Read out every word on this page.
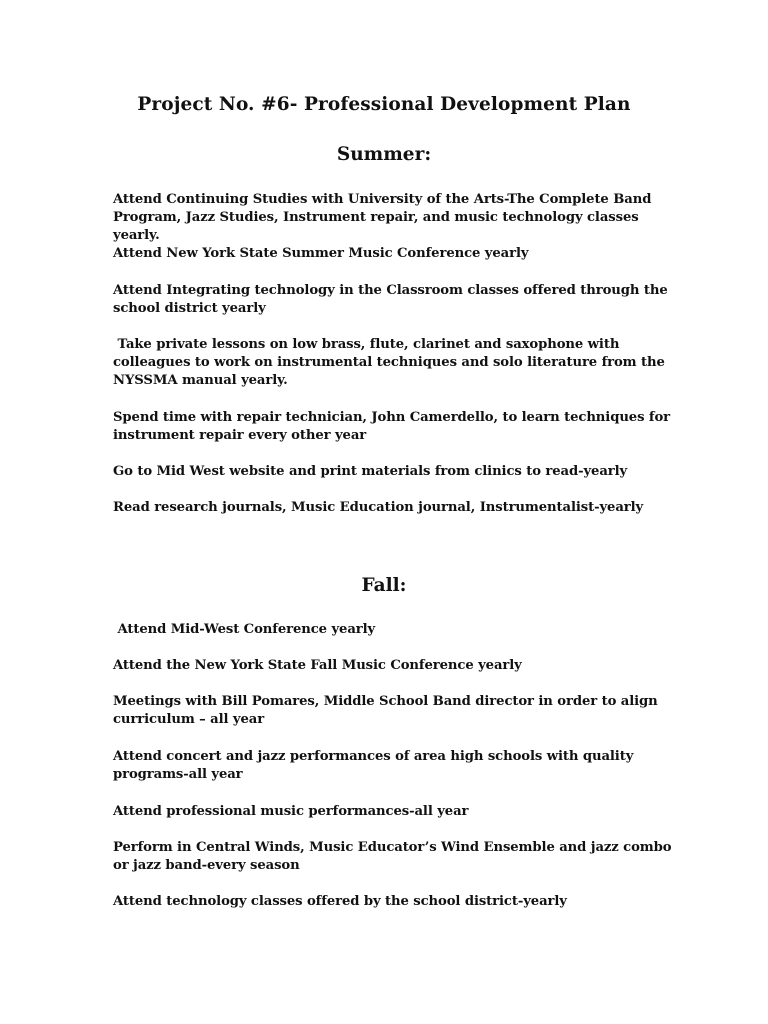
Project No. #6- Professional Development Plan
Summer:

Attend Continuing Studies with University of the Arts-The Complete Band Program, Jazz Studies, Instrument repair, and music technology classes yearly.

Attend New York State Summer Music Conference yearly

Attend Integrating technology in the Classroom classes offered through the school district yearly

Take private lessons on low brass, flute, clarinet and saxophone with colleagues to work on instrumental techniques and solo literature from the NYSSMA manual yearly.

Spend time with repair technician, John Camerdello, to learn techniques for instrument repair every other year

Go to Mid West website and print materials from clinics to read-yearly

Read research journals, Music Education journal, Instrumentalist-yearly

Fall:

Attend Mid-West Conference yearly

Attend the New York State Fall Music Conference yearly

Meetings with Bill Pomares, Middle School Band director in order to align curriculum – all year

Attend concert and jazz performances of area high schools with quality programs-all year

Attend professional music performances-all year

Perform in Central Winds, Music Educator’s Wind Ensemble and jazz combo or jazz band-every season

Attend technology classes offered by the school district-yearly
